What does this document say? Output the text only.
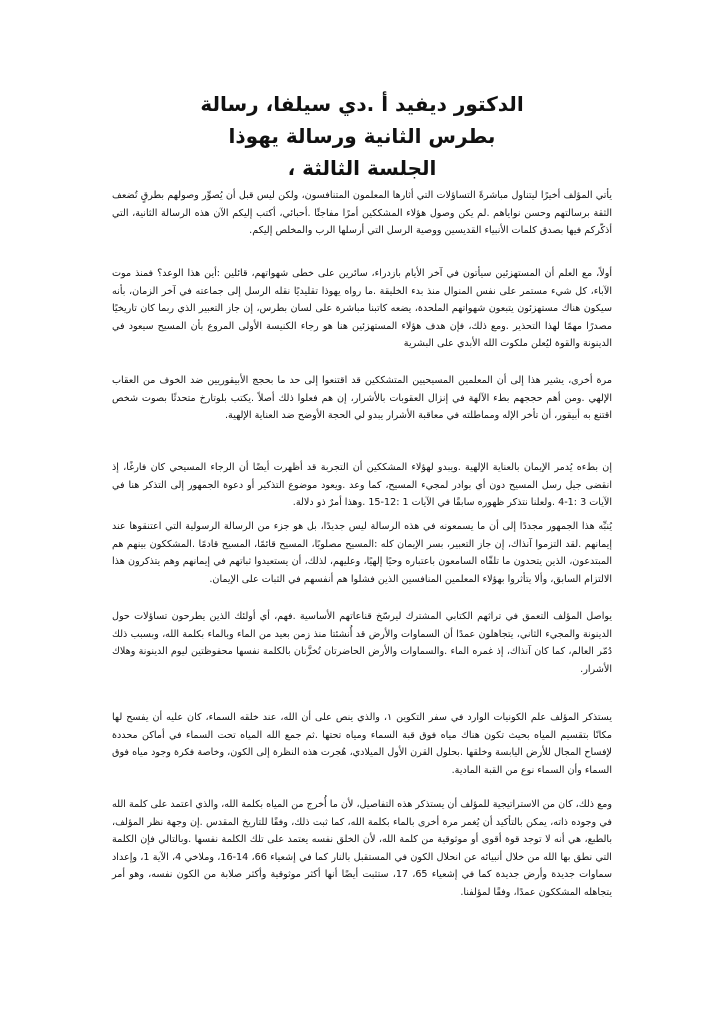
الدكتور ديفيد أ .دي سيلفا، رسالة
بطرس الثانية ورسالة يهوذا
الجلسة الثالثة ،

يأتي المؤلف أخيرًا ليتناول مباشرةً التساؤلات التي أثارها المعلمون المتنافسون، ولكن ليس قبل أن يُصوِّر وصولهم بطرقٍ تُضعف الثقة برسالتهم وحسن نواياهم .لم يكن وصول هؤلاء المشككين أمرًا مفاجئًا .أحبائي، أكتب إليكم الآن هذه الرسالة الثانية، التي أذكّركم فيها بصدق كلمات الأنبياء القديسين ووصية الرسل التي أرسلها الرب والمخلص إليكم.

أولاً، مع العلم أن المستهزئين سيأتون في آخر الأيام بازدراء، سائرين على خطى شهواتهم، قائلين :أين هذا الوعد؟ فمنذ موت الآباء، كل شيء مستمر على نفس المنوال منذ بدء الخليقة .ما رواه يهوذا تقليديًا نقله الرسل إلى جماعته في آخر الزمان، بأنه سيكون هناك مستهزئون يتبعون شهواتهم الملحدة، يضعه كاتبنا مباشرة على لسان بطرس، إن جاز التعبير الذي ربما كان تاريخيًا مصدرًا مهمًا لهذا التحذير .ومع ذلك، فإن هدف هؤلاء المستهزئين هنا هو رجاء الكنيسة الأولى المروع بأن المسيح سيعود في الدينونة والقوة ليُعلن ملكوت الله الأبدي على البشرية

مرة أخرى، يشير هذا إلى أن المعلمين المسيحيين المتشككين قد اقتنعوا إلى حد ما بحجج الأبيقوريين ضد الخوف من العقاب الإلهي .ومن أهم حججهم بطء الآلهة في إنزال العقوبات بالأشرار، إن هم فعلوا ذلك أصلاً .يكتب بلوتارخ متحدثًا بصوت شخص اقتنع به أبيقور، أن تأخر الإله ومماطلته في معاقبة الأشرار يبدو لي الحجة الأوضح ضد العناية الإلهية.

إن بطءه يُدمر الإيمان بالعناية الإلهية .ويبدو لهؤلاء المشككين أن التجربة قد أظهرت أيضًا أن الرجاء المسيحي كان فارغًا، إذ انقضى جيل رسل المسيح دون أي بوادر لمجيء المسيح، كما وعد .ويعود موضوع التذكير أو دعوة الجمهور إلى التذكر هنا في الآيات 3 :1-4 .ولعلنا نتذكر ظهوره سابقًا في الآيات 1 :12-15 .وهذا أمرٌ ذو دلالة.

يُنبِّه هذا الجمهور مجددًا إلى أن ما يسمعونه في هذه الرسالة ليس جديدًا، بل هو جزء من الرسالة الرسولية التي اعتنقوها عند إيمانهم .لقد التزموا آنذاك، إن جاز التعبير، بسر الإيمان كله :المسيح مصلوبًا، المسيح قائمًا، المسيح قادمًا .المشككون بينهم هم المبتدعون، الذين يتحدون ما تلقّاه السامعون باعتباره وحيًا إلهيًا، وعليهم، لذلك، أن يستعيدوا ثباتهم في إيمانهم وهم يتذكرون هذا الالتزام السابق، وألا يتأثروا بهؤلاء المعلمين المنافسين الذين فشلوا هم أنفسهم في الثبات على الإيمان.

يواصل المؤلف التعمق في تراثهم الكتابي المشترك ليرسّخ قناعاتهم الأساسية .فهم، أي أولئك الذين يطرحون تساؤلات حول الدينونة والمجيء الثاني، يتجاهلون عمدًا أن السماوات والأرض قد أُنشئتا منذ زمن بعيد من الماء وبالماء بكلمة الله، وبسبب ذلك دُمّر العالم، كما كان آنذاك، إذ غمره الماء .والسماوات والأرض الحاضرتان تُخزَّنان بالكلمة نفسها محفوظتين ليوم الدينونة وهلاك الأشرار.

يستذكر المؤلف علم الكونيات الوارد في سفر التكوين ١، والذي ينص على أن الله، عند خلقه السماء، كان عليه أن يفسح لها مكانًا بتقسيم المياه بحيث تكون هناك مياه فوق قبة السماء ومياه تحتها .ثم جمع الله المياه تحت السماء في أماكن محددة لإفساح المجال للأرض اليابسة وخلقها .بحلول القرن الأول الميلادي، هُجرت هذه النظرة إلى الكون، وخاصة فكرة وجود مياه فوق السماء وأن السماء نوع من القبة المادية.

ومع ذلك، كان من الاستراتيجية للمؤلف أن يستذكر هذه التفاصيل، لأن ما أُخرج من المياه بكلمة الله، والذي اعتمد على كلمة الله في وجوده ذاته، يمكن بالتأكيد أن يُغمر مرة أخرى بالماء بكلمة الله، كما ثبت ذلك، وفقًا للتاريخ المقدس .إن وجهة نظر المؤلف، بالطبع، هي أنه لا توجد قوة أقوى أو موثوقية من كلمة الله، لأن الخلق نفسه يعتمد على تلك الكلمة نفسها .وبالتالي فإن الكلمة التي نطق بها الله من خلال أنبيائه عن انحلال الكون في المستقبل بالنار كما في إشعياء 66، 14-16، وملاخي 4، الآية 1، وإعداد سماوات جديدة وأرض جديدة كما في إشعياء 65، 17، ستثبت أيضًا أنها أكثر موثوقية وأكثر صلابة من الكون نفسه، وهو أمر يتجاهله المشككون عمدًا، وفقًا لمؤلفنا.
